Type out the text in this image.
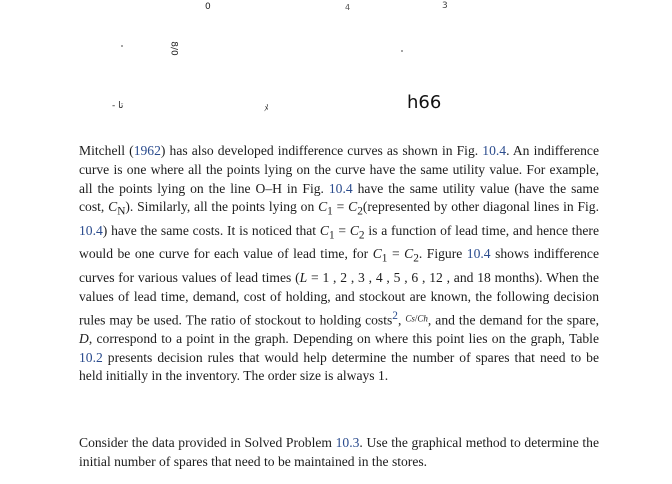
0	4	3
8/0
- تا	ﾒ	h66

Mitchell (1962) has also developed indifference curves as shown in Fig. 10.4. An indifference curve is one where all the points lying on the curve have the same utility value. For example, all the points lying on the line O–H in Fig. 10.4 have the same utility value (have the same cost, $C_N$). Similarly, all the points lying on $C_1$ = $C_2(represented$ by other diagonal lines in Fig. 10.4) have the same costs. It is noticed that $C_1 = C_2$ is a function of lead time, and hence there would be one curve for each value of lead time, for $C_1 = C_2$. Figure 10.4 shows indifference curves for various values of lead times (L = 1 , 2 , 3 , 4 , 5 , 6 , 12 , and 18 months). When the values of lead time, demand, cost of holding, and stockout are known, the following decision rules may be used. The ratio of stockout to holding costs$^2$, $^{Cs/Ch}$, and the demand for the spare, D, correspond to a point in the graph. Depending on where this point lies on the graph, Table 10.2 presents decision rules that would help determine the number of spares that need to be held initially in the inventory. The order size is always 1.

Consider the data provided in Solved Problem 10.3. Use the graphical method to determine the initial number of spares that need to be maintained in the stores.
